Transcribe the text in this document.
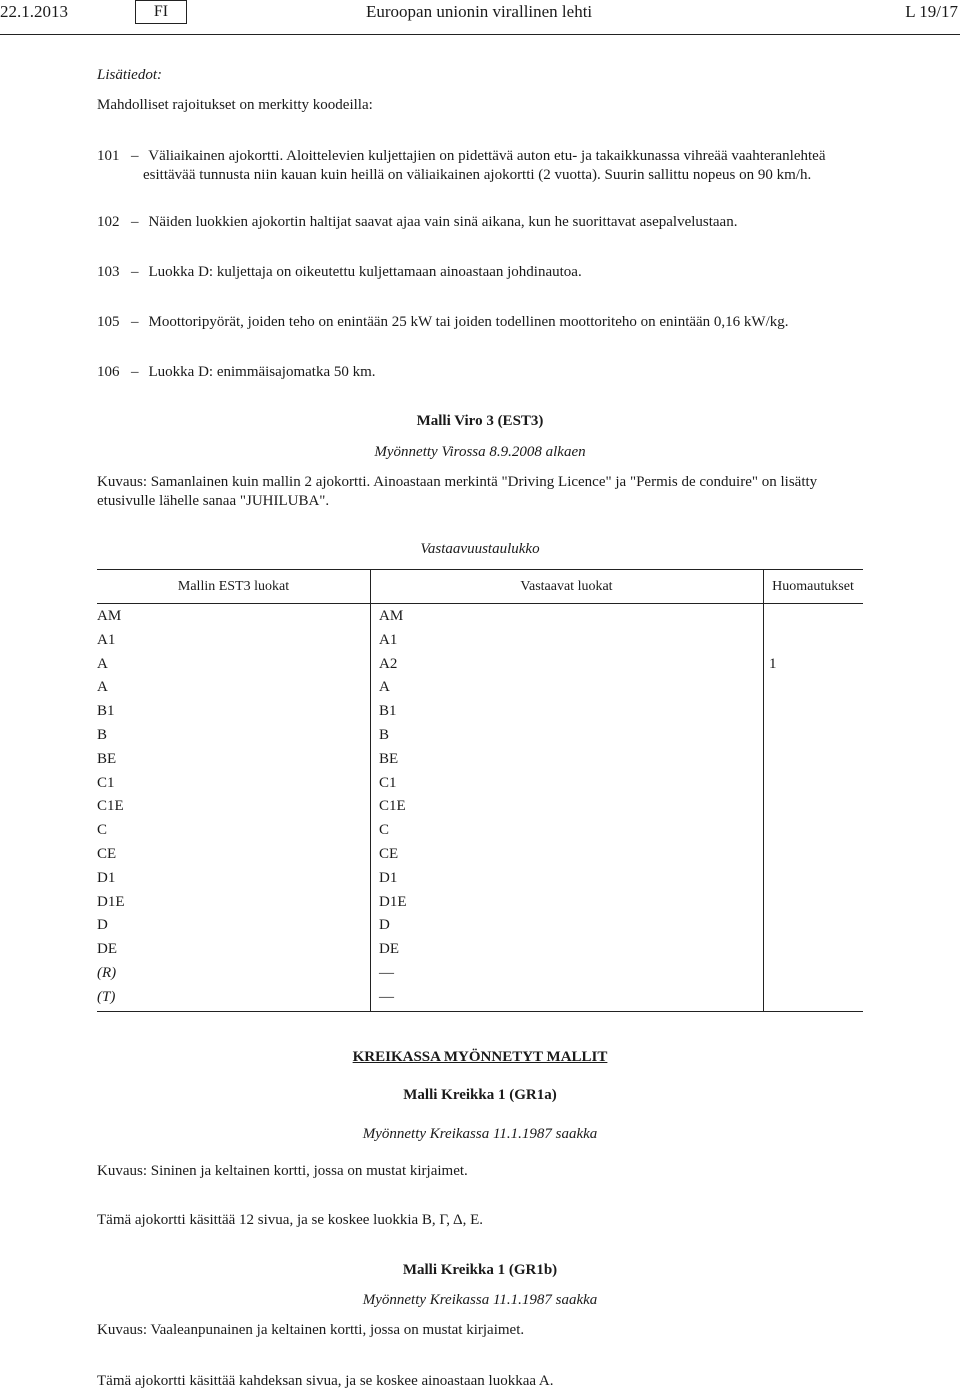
22.1.2013	FI	Euroopan unionin virallinen lehti	L 19/17
Lisätiedot:
Mahdolliset rajoitukset on merkitty koodeilla:
101 – Väliaikainen ajokortti. Aloittelevien kuljettajien on pidettävä auton etu- ja takaikkunassa vihreää vaahteranlehteä
esittävää tunnusta niin kauan kuin heillä on väliaikainen ajokortti (2 vuotta). Suurin sallittu nopeus on 90 km/h.
102 – Näiden luokkien ajokortin haltijat saavat ajaa vain sinä aikana, kun he suorittavat asepalvelustaan.
103 – Luokka D: kuljettaja on oikeutettu kuljettamaan ainoastaan johdinautoa.
105 – Moottoripyörät, joiden teho on enintään 25 kW tai joiden todellinen moottoriteho on enintään 0,16 kW/kg.
106 – Luokka D: enimmäisajomatka 50 km.
Malli Viro 3 (EST3)
Myönnetty Virossa 8.9.2008 alkaen
Kuvaus: Samanlainen kuin mallin 2 ajokortti. Ainoastaan merkintä "Driving Licence" ja "Permis de conduire" on lisätty
etusivulle lähelle sanaa "JUHILUBA".
Vastaavuustaulukko
Mallin EST3 luokat	Vastaavat luokat	Huomautukset
AM	AM
A1	A1
A	A2	1
A	A
B1	B1
B	B
BE	BE
C1	C1
C1E	C1E
C	C
CE	CE
D1	D1
D1E	D1E
D	D
DE	DE
(R)	—
(T)	—
KREIKASSA MYÖNNETYT MALLIT
Malli Kreikka 1 (GR1a)
Myönnetty Kreikassa 11.1.1987 saakka
Kuvaus: Sininen ja keltainen kortti, jossa on mustat kirjaimet.
Tämä ajokortti käsittää 12 sivua, ja se koskee luokkia Β, Γ, Δ, Ε.
Malli Kreikka 1 (GR1b)
Myönnetty Kreikassa 11.1.1987 saakka
Kuvaus: Vaaleanpunainen ja keltainen kortti, jossa on mustat kirjaimet.
Tämä ajokortti käsittää kahdeksan sivua, ja se koskee ainoastaan luokkaa A.
